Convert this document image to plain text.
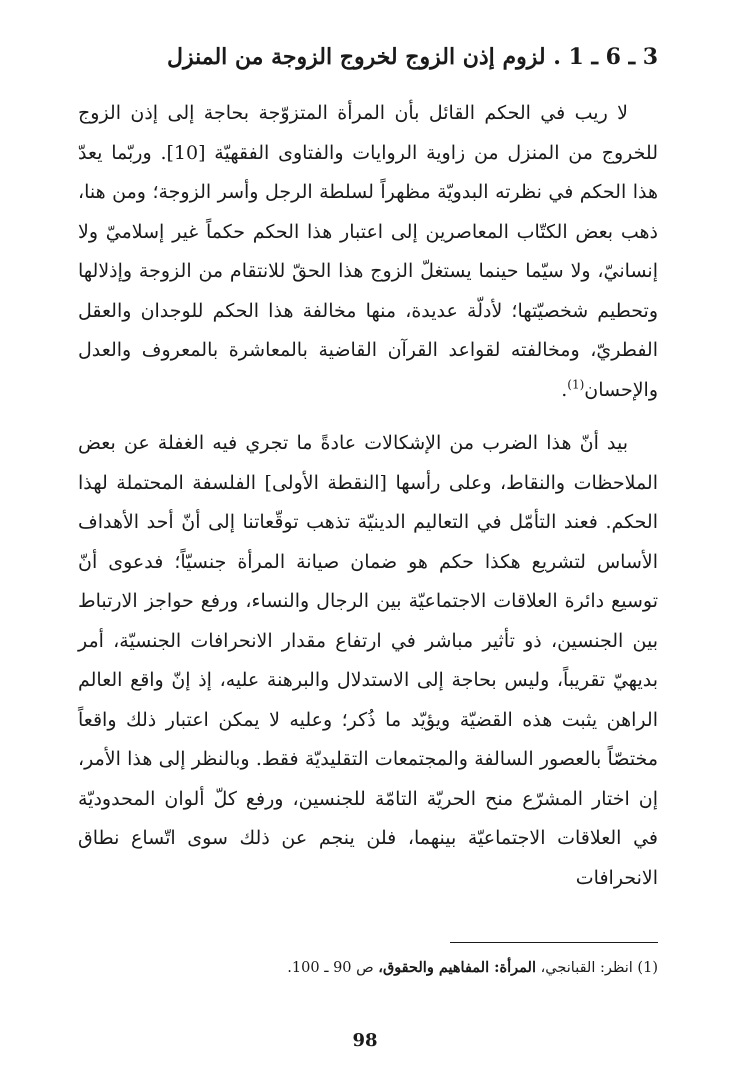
3 ـ 6 ـ 1 . لزوم إذن الزوج لخروج الزوجة من المنزل

لا ريب في الحكم القائل بأن المرأة المتزوّجة بحاجة إلى إذن الزوج للخروج من المنزل من زاوية الروايات والفتاوى الفقهيّة [10]. وربّما يعدّ هذا الحكم في نظرته البدويّة مظهراً لسلطة الرجل وأسر الزوجة؛ ومن هنا، ذهب بعض الكتّاب المعاصرين إلى اعتبار هذا الحكم حكماً غير إسلاميّ ولا إنسانيّ، ولا سيّما حينما يستغلّ الزوج هذا الحقّ للانتقام من الزوجة وإذلالها وتحطيم شخصيّتها؛ لأدلّة عديدة، منها مخالفة هذا الحكم للوجدان والعقل الفطريّ، ومخالفته لقواعد القرآن القاضية بالمعاشرة بالمعروف والعدل والإحسان$^{(1)}$.

بيد أنّ هذا الضرب من الإشكالات عادةً ما تجري فيه الغفلة عن بعض الملاحظات والنقاط، وعلى رأسها [النقطة الأولى] الفلسفة المحتملة لهذا الحكم. فعند التأمّل في التعاليم الدينيّة تذهب توقّعاتنا إلى أنّ أحد الأهداف الأساس لتشريع هكذا حكم هو ضمان صيانة المرأة جنسيّاً؛ فدعوى أنّ توسيع دائرة العلاقات الاجتماعيّة بين الرجال والنساء، ورفع حواجز الارتباط بين الجنسين، ذو تأثير مباشر في ارتفاع مقدار الانحرافات الجنسيّة، أمر بديهيّ تقريباً، وليس بحاجة إلى الاستدلال والبرهنة عليه، إذ إنّ واقع العالم الراهن يثبت هذه القضيّة ويؤيّد ما ذُكر؛ وعليه لا يمكن اعتبار ذلك واقعاً مختصّاً بالعصور السالفة والمجتمعات التقليديّة فقط. وبالنظر إلى هذا الأمر، إن اختار المشرّع منح الحريّة التامّة للجنسين، ورفع كلّ ألوان المحدوديّة في العلاقات الاجتماعيّة بينهما، فلن ينجم عن ذلك سوى اتّساع نطاق الانحرافات

(1) انظر: القبانجي، المرأة: المفاهيم والحقوق، ص 90 ـ 100.
98
